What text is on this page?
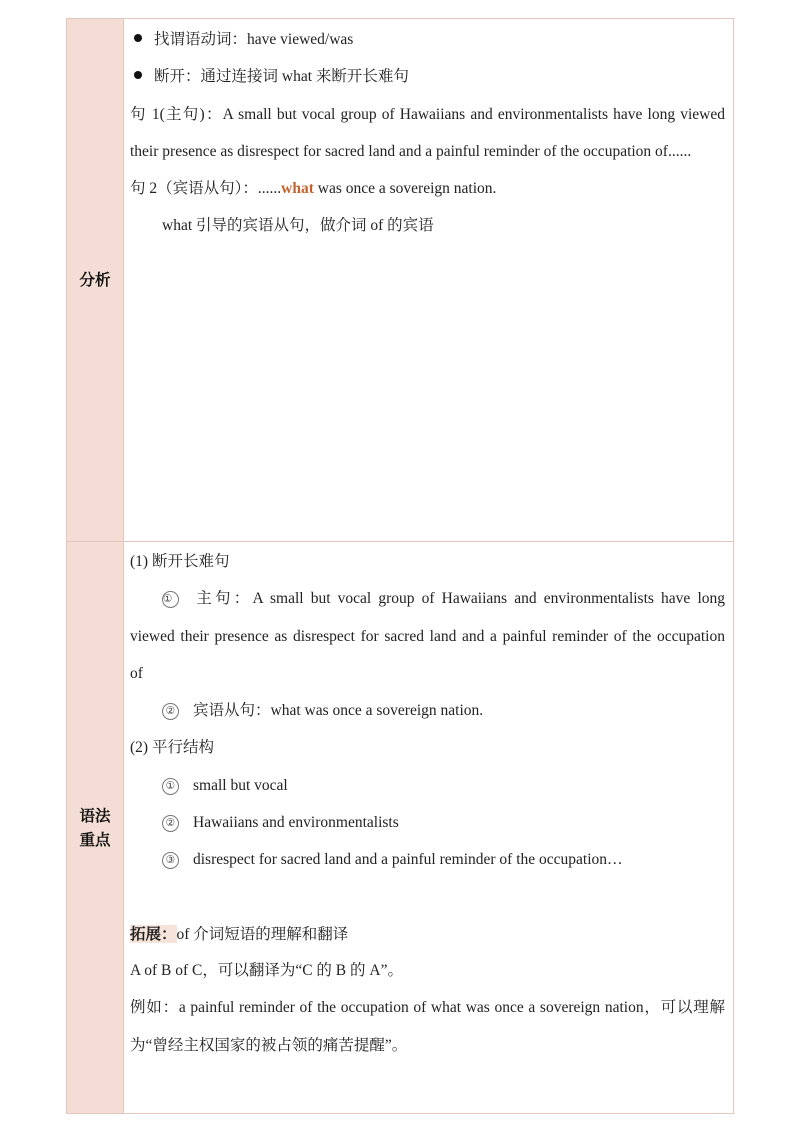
分析
找谓语动词：have viewed/was
断开：通过连接词 what 来断开长难句
句 1(主句)：A small but vocal group of Hawaiians and environmentalists have long viewed
their presence as disrespect for sacred land and a painful reminder of the occupation of......
句 2（宾语从句）：......what was once a sovereign nation.
what 引导的宾语从句，做介词 of 的宾语
语法重点
(1) 断开长难句
① 主句：A small but vocal group of Hawaiians and environmentalists have long
viewed their presence as disrespect for sacred land and a painful reminder of the occupation
of
② 宾语从句：what was once a sovereign nation.
(2) 平行结构
① small but vocal
② Hawaiians and environmentalists
③ disrespect for sacred land and a painful reminder of the occupation…
拓展：of 介词短语的理解和翻译
A of B of C，可以翻译为“C 的 B 的 A”。
例如：a painful reminder of the occupation of what was once a sovereign nation，可以理解
为“曾经主权国家的被占领的痛苦提醒”。
